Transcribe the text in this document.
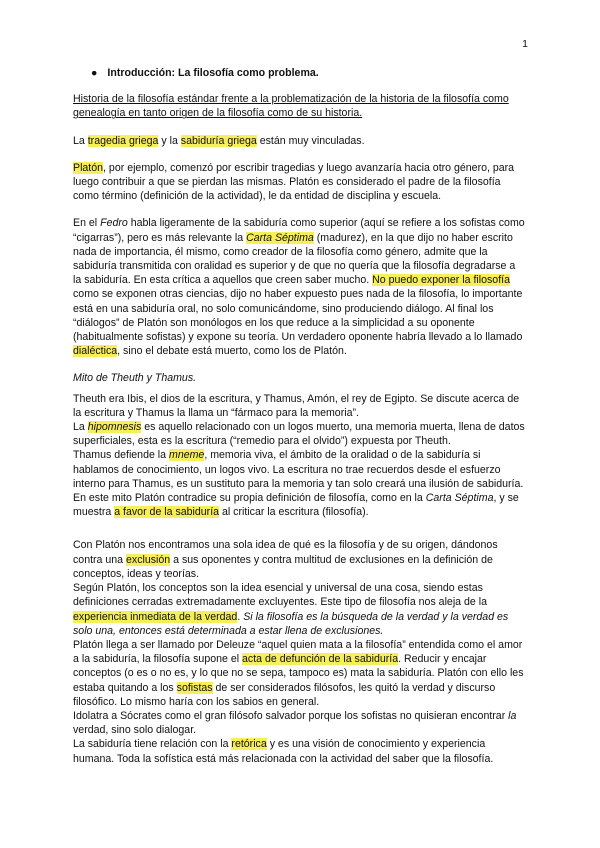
1
● Introducción: La filosofía como problema.

Historia de la filosofía estándar frente a la problematización de la historia de la filosofía como genealogía en tanto origen de la filosofía como de su historia.

La tragedia griega y la sabiduría griega están muy vinculadas.

Platón, por ejemplo, comenzó por escribir tragedias y luego avanzaría hacia otro género, para luego contribuir a que se pierdan las mismas. Platón es considerado el padre de la filosofía como término (definición de la actividad), le da entidad de disciplina y escuela.

En el Fedro habla ligeramente de la sabiduría como superior (aquí se refiere a los sofistas como “cigarras”), pero es más relevante la Carta Séptima (madurez), en la que dijo no haber escrito nada de importancia, él mismo, como creador de la filosofía como género, admite que la sabiduría transmitida con oralidad es superior y de que no quería que la filosofía degradarse a la sabiduría. En esta crítica a aquellos que creen saber mucho. No puedo exponer la filosofía como se exponen otras ciencias, dijo no haber expuesto pues nada de la filosofía, lo importante está en una sabiduría oral, no solo comunicándome, sino produciendo diálogo. Al final los “diálogos” de Platón son monólogos en los que reduce a la simplicidad a su oponente (habitualmente sofistas) y expone su teoría. Un verdadero oponente habría llevado a lo llamado dialéctica, sino el debate está muerto, como los de Platón.

Mito de Theuth y Thamus.

Theuth era Ibis, el dios de la escritura, y Thamus, Amón, el rey de Egipto. Se discute acerca de la escritura y Thamus la llama un “fármaco para la memoria”.

La hipomnesis es aquello relacionado con un logos muerto, una memoria muerta, llena de datos superficiales, esta es la escritura (“remedio para el olvido”) expuesta por Theuth.

Thamus defiende la mneme, memoria viva, el ámbito de la oralidad o de la sabiduría si hablamos de conocimiento, un logos vivo. La escritura no trae recuerdos desde el esfuerzo interno para Thamus, es un sustituto para la memoria y tan solo creará una ilusión de sabiduría.

En este mito Platón contradice su propia definición de filosofía, como en la Carta Séptima, y se muestra a favor de la sabiduría al criticar la escritura (filosofía).

Con Platón nos encontramos una sola idea de qué es la filosofía y de su origen, dándonos contra una exclusión a sus oponentes y contra multitud de exclusiones en la definición de conceptos, ideas y teorías.

Según Platón, los conceptos son la idea esencial y universal de una cosa, siendo estas definiciones cerradas extremadamente excluyentes. Este tipo de filosofía nos aleja de la experiencia inmediata de la verdad. Si la filosofía es la búsqueda de la verdad y la verdad es solo una, entonces está determinada a estar llena de exclusiones.

Platón llega a ser llamado por Deleuze “aquel quien mata a la filosofía” entendida como el amor a la sabiduría, la filosofía supone el acta de defunción de la sabiduría. Reducir y encajar conceptos (o es o no es, y lo que no se sepa, tampoco es) mata la sabiduría. Platón con ello les estaba quitando a los sofistas de ser considerados filósofos, les quitó la verdad y discurso filosófico. Lo mismo haría con los sabios en general.

Idolatra a Sócrates como el gran filósofo salvador porque los sofistas no quisieran encontrar la verdad, sino solo dialogar.

La sabiduría tiene relación con la retórica y es una visión de conocimiento y experiencia humana. Toda la sofística está más relacionada con la actividad del saber que la filosofía.
